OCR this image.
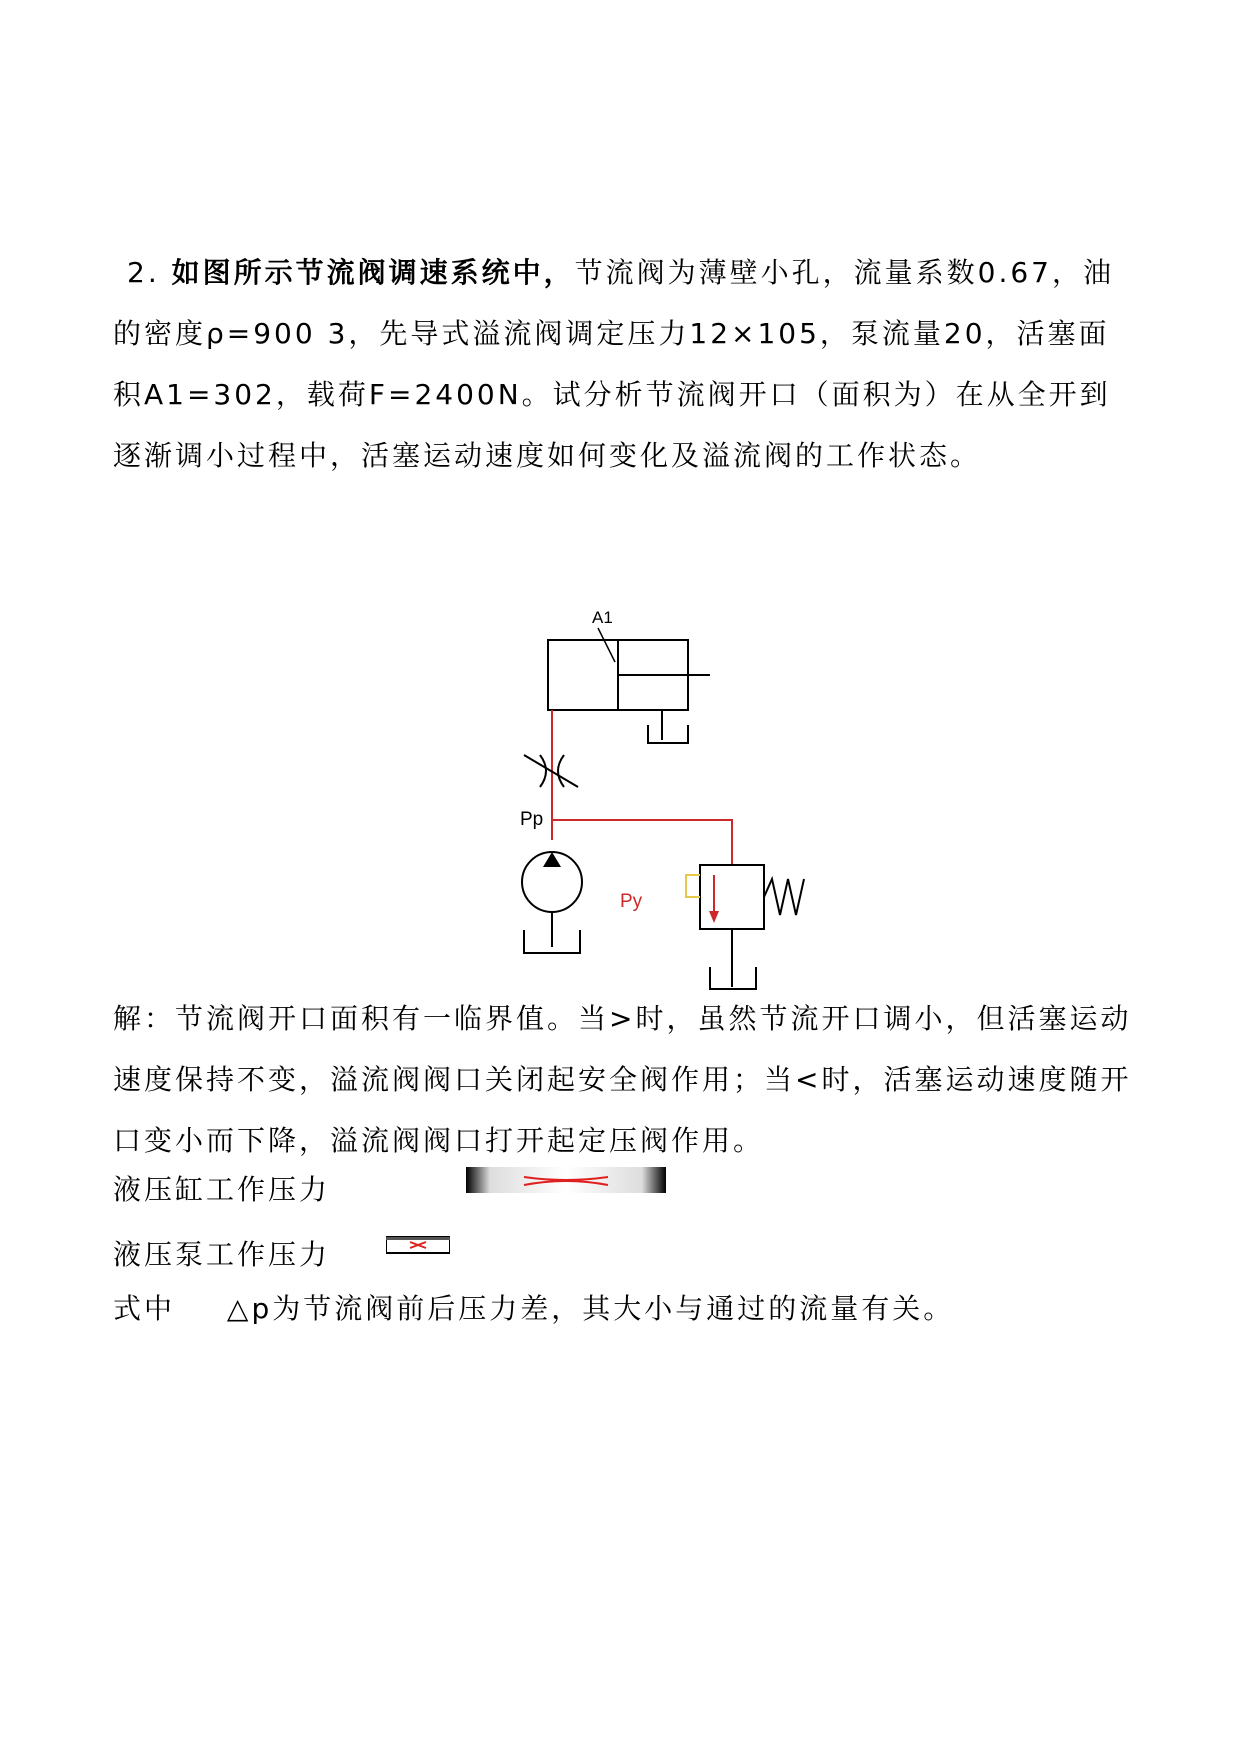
2. 如图所示节流阀调速系统中，节流阀为薄壁小孔，流量系数0.67，油的密度ρ=900 3，先导式溢流阀调定压力12×105，泵流量20，活塞面积A1=302，载荷F=2400N。试分析节流阀开口（面积为）在从全开到逐渐调小过程中，活塞运动速度如何变化及溢流阀的工作状态。

A1
Pp
Py

解：节流阀开口面积有一临界值。当>时，虽然节流开口调小，但活塞运动速度保持不变，溢流阀阀口关闭起安全阀作用；当<时，活塞运动速度随开口变小而下降，溢流阀阀口打开起定压阀作用。

液压缸工作压力
液压泵工作压力
式中 △p为节流阀前后压力差，其大小与通过的流量有关。
